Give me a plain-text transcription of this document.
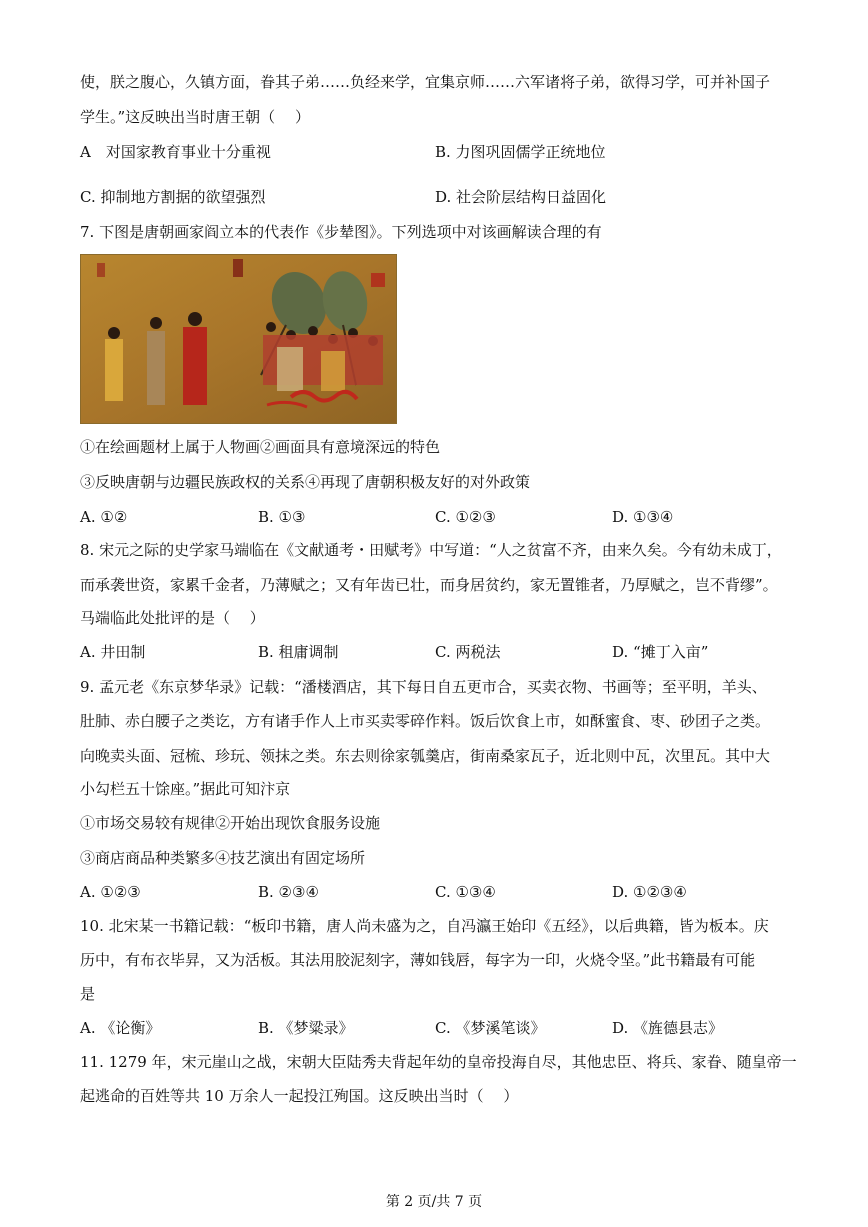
使，朕之腹心，久镇方面，眷其子弟……负经来学，宜集京师……六军诸将子弟，欲得习学，可并补国子
学生。”这反映出当时唐王朝（　 ）
A　对国家教育事业十分重视	B. 力图巩固儒学正统地位
C. 抑制地方割据的欲望强烈	D. 社会阶层结构日益固化
7. 下图是唐朝画家阎立本的代表作《步辇图》。下列选项中对该画解读合理的有
①在绘画题材上属于人物画②画面具有意境深远的特色
③反映唐朝与边疆民族政权的关系④再现了唐朝积极友好的对外政策
A. ①②	B. ①③	C. ①②③	D. ①③④
8. 宋元之际的史学家马端临在《文献通考・田赋考》中写道：“人之贫富不齐，由来久矣。今有幼未成丁，
而承袭世资，家累千金者，乃薄赋之；又有年齿已壮，而身居贫约，家无置锥者，乃厚赋之，岂不背缪”。
马端临此处批评的是（　 ）
A. 井田制	B. 租庸调制	C. 两税法	D. “摊丁入亩”
9. 孟元老《东京梦华录》记载：“潘楼酒店，其下每日自五更市合，买卖衣物、书画等；至平明，羊头、
肚肺、赤白腰子之类讫，方有诸手作人上市买卖零碎作料。饭后饮食上市，如酥蜜食、枣、砂团子之类。
向晚卖头面、冠梳、珍玩、领抹之类。东去则徐家瓠羹店，街南桑家瓦子，近北则中瓦，次里瓦。其中大
小勾栏五十馀座。”据此可知汴京
①市场交易较有规律②开始出现饮食服务设施
③商店商品种类繁多④技艺演出有固定场所
A. ①②③	B. ②③④	C. ①③④	D. ①②③④
10. 北宋某一书籍记载：“板印书籍，唐人尚未盛为之，自冯瀛王始印《五经》，以后典籍，皆为板本。庆
历中，有布衣毕昇，又为活板。其法用胶泥刻字，薄如钱唇，每字为一印，火烧令坚。”此书籍最有可能
是
A. 《论衡》	B. 《梦粱录》	C. 《梦溪笔谈》	D. 《旌德县志》
11. 1279 年，宋元崖山之战，宋朝大臣陆秀夫背起年幼的皇帝投海自尽，其他忠臣、将兵、家眷、随皇帝一
起逃命的百姓等共 10 万余人一起投江殉国。这反映出当时（　 ）
第 2 页/共 7 页
